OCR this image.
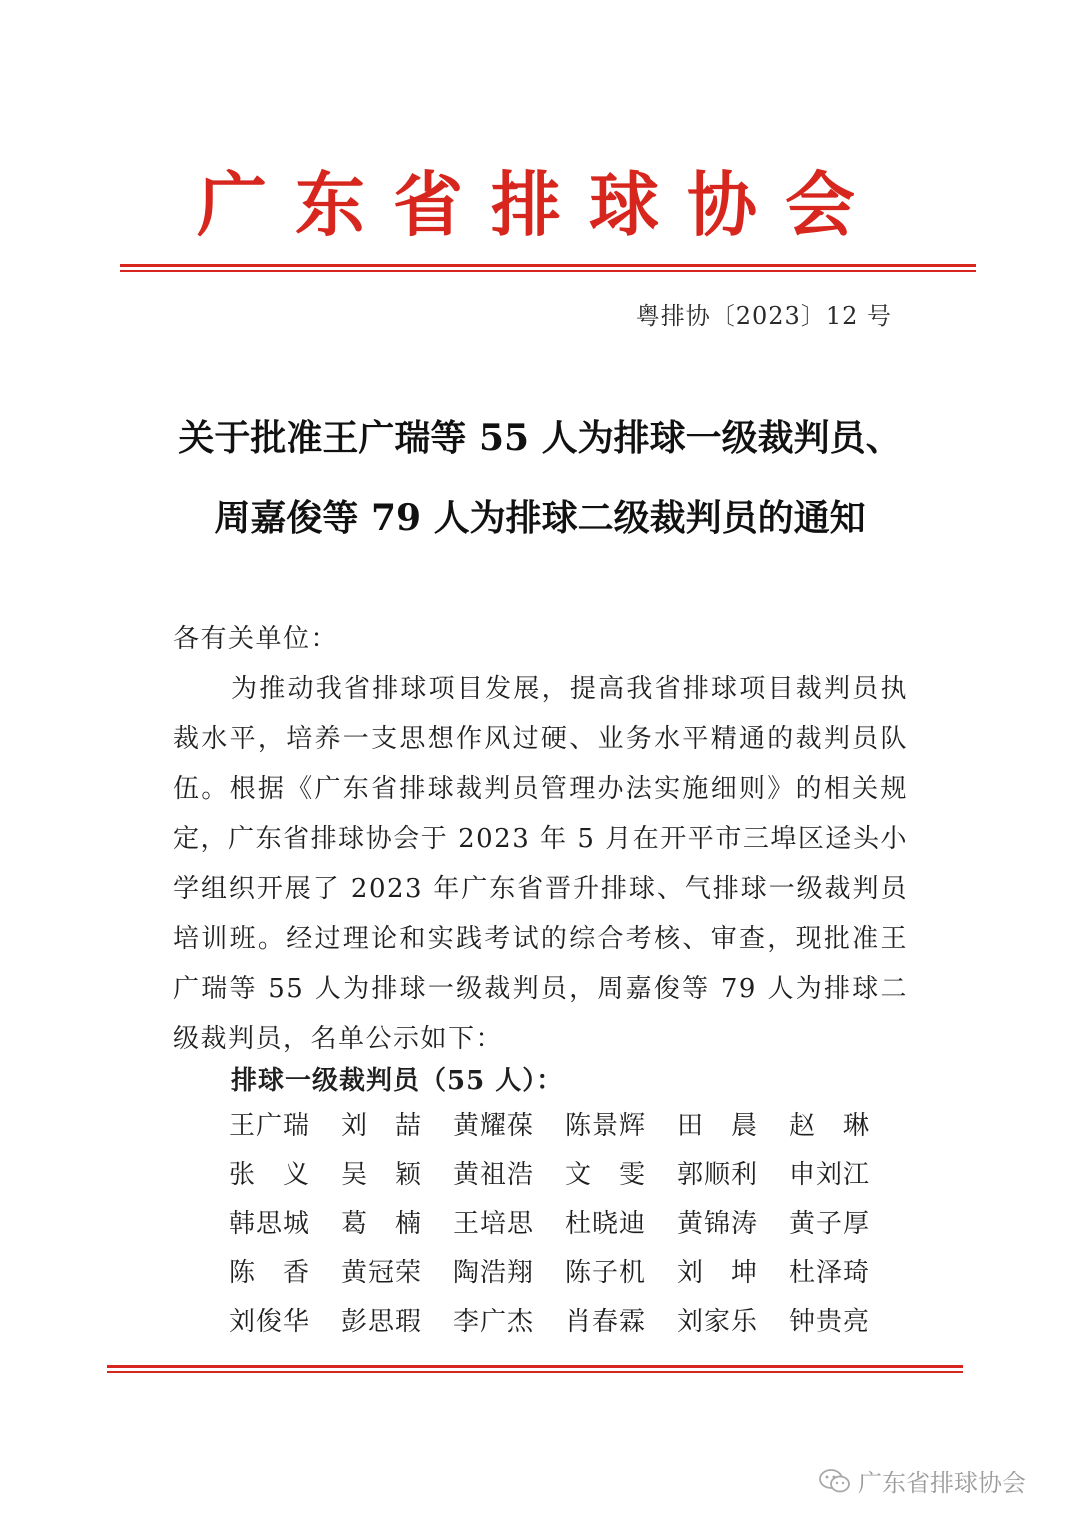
广东省排球协会
粤排协〔2023〕12 号
关于批准王广瑞等 55 人为排球一级裁判员、
周嘉俊等 79 人为排球二级裁判员的通知
各有关单位：
为推动我省排球项目发展，提高我省排球项目裁判员执裁水平，培养一支思想作风过硬、业务水平精通的裁判员队伍。根据《广东省排球裁判员管理办法实施细则》的相关规定，广东省排球协会于 2023 年 5 月在开平市三埠区迳头小学组织开展了 2023 年广东省晋升排球、气排球一级裁判员培训班。经过理论和实践考试的综合考核、审查，现批准王广瑞等 55 人为排球一级裁判员，周嘉俊等 79 人为排球二级裁判员，名单公示如下：
排球一级裁判员（55 人）：
王广瑞	刘　喆	黄耀葆	陈景辉	田　晨	赵　琳
张　义	吴　颖	黄祖浩	文　雯	郭顺利	申刘江
韩思城	葛　楠	王培思	杜晓迪	黄锦涛	黄子厚
陈　香	黄冠荣	陶浩翔	陈子机	刘　坤	杜泽琦
刘俊华	彭思瑕	李广杰	肖春霖	刘家乐	钟贵亮
广东省排球协会
